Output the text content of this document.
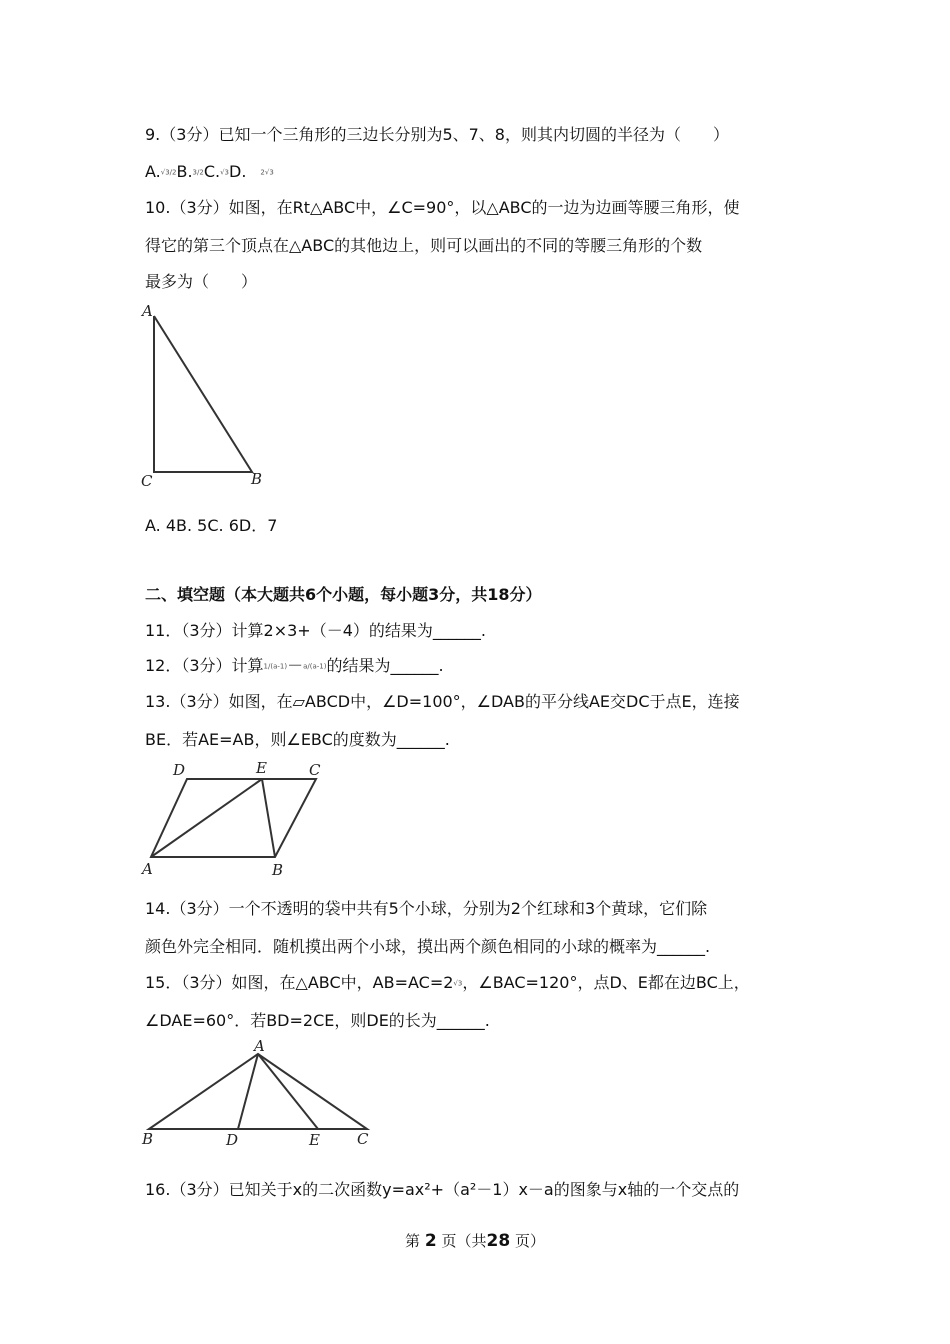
9.（3分）已知一个三角形的三边长分别为5、7、8，则其内切圆的半径为（　　）
A.√3/2B.3/2C.√3D. 2√3
10.（3分）如图，在Rt△ABC中，∠C=90°，以△ABC的一边为边画等腰三角形，使
得它的第三个顶点在△ABC的其他边上，则可以画出的不同的等腰三角形的个数
最多为（　　）
A
C	B
A. 4B. 5C. 6D．7
二、填空题（本大题共6个小题，每小题3分，共18分）
11．（3分）计算2×3+（－4）的结果为______.
12．（3分）计算1/(a-1)－a/(a-1)的结果为______.
13.（3分）如图，在▱ABCD中，∠D=100°，∠DAB的平分线AE交DC于点E，连接
BE．若AE=AB，则∠EBC的度数为______.
D	E	C
A	B
14.（3分）一个不透明的袋中共有5个小球，分别为2个红球和3个黄球，它们除
颜色外完全相同．随机摸出两个小球，摸出两个颜色相同的小球的概率为______.
15．（3分）如图，在△ABC中，AB=AC=2√3，∠BAC=120°，点D、E都在边BC上，
∠DAE=60°．若BD=2CE，则DE的长为______.
A
B	D	E C
16.（3分）已知关于x的二次函数y=ax²+（a²－1）x－a的图象与x轴的一个交点的
第 2 页（共28 页）
